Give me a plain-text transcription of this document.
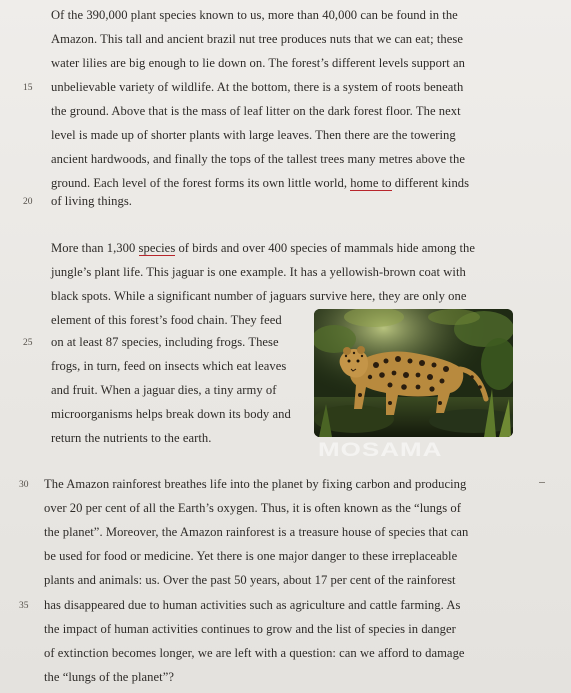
Of the 390,000 plant species known to us, more than 40,000 can be found in the
Amazon. This tall and ancient brazil nut tree produces nuts that we can eat; these
water lilies are big enough to lie down on. The forest’s different levels support an
15 unbelievable variety of wildlife. At the bottom, there is a system of roots beneath
the ground. Above that is the mass of leaf litter on the dark forest floor. The next
level is made up of shorter plants with large leaves. Then there are the towering
ancient hardwoods, and finally the tops of the tallest trees many metres above the
ground. Each level of the forest forms its own little world, home to different kinds
20 of living things.
More than 1,300 species of birds and over 400 species of mammals hide among the
jungle’s plant life. This jaguar is one example. It has a yellowish-brown coat with
black spots. While a significant number of jaguars survive here, they are only one
element of this forest’s food chain. They feed
25 on at least 87 species, including frogs. These
frogs, in turn, feed on insects which eat leaves
and fruit. When a jaguar dies, a tiny army of
microorganisms helps break down its body and
return the nutrients to the earth.	MOSAMA
30 The Amazon rainforest breathes life into the planet by fixing carbon and producing
over 20 per cent of all the Earth’s oxygen. Thus, it is often known as the “lungs of
the planet”. Moreover, the Amazon rainforest is a treasure house of species that can
be used for food or medicine. Yet there is one major danger to these irreplaceable
plants and animals: us. Over the past 50 years, about 17 per cent of the rainforest
35 has disappeared due to human activities such as agriculture and cattle farming. As
the impact of human activities continues to grow and the list of species in danger
of extinction becomes longer, we are left with a question: can we afford to damage
the “lungs of the planet”?
